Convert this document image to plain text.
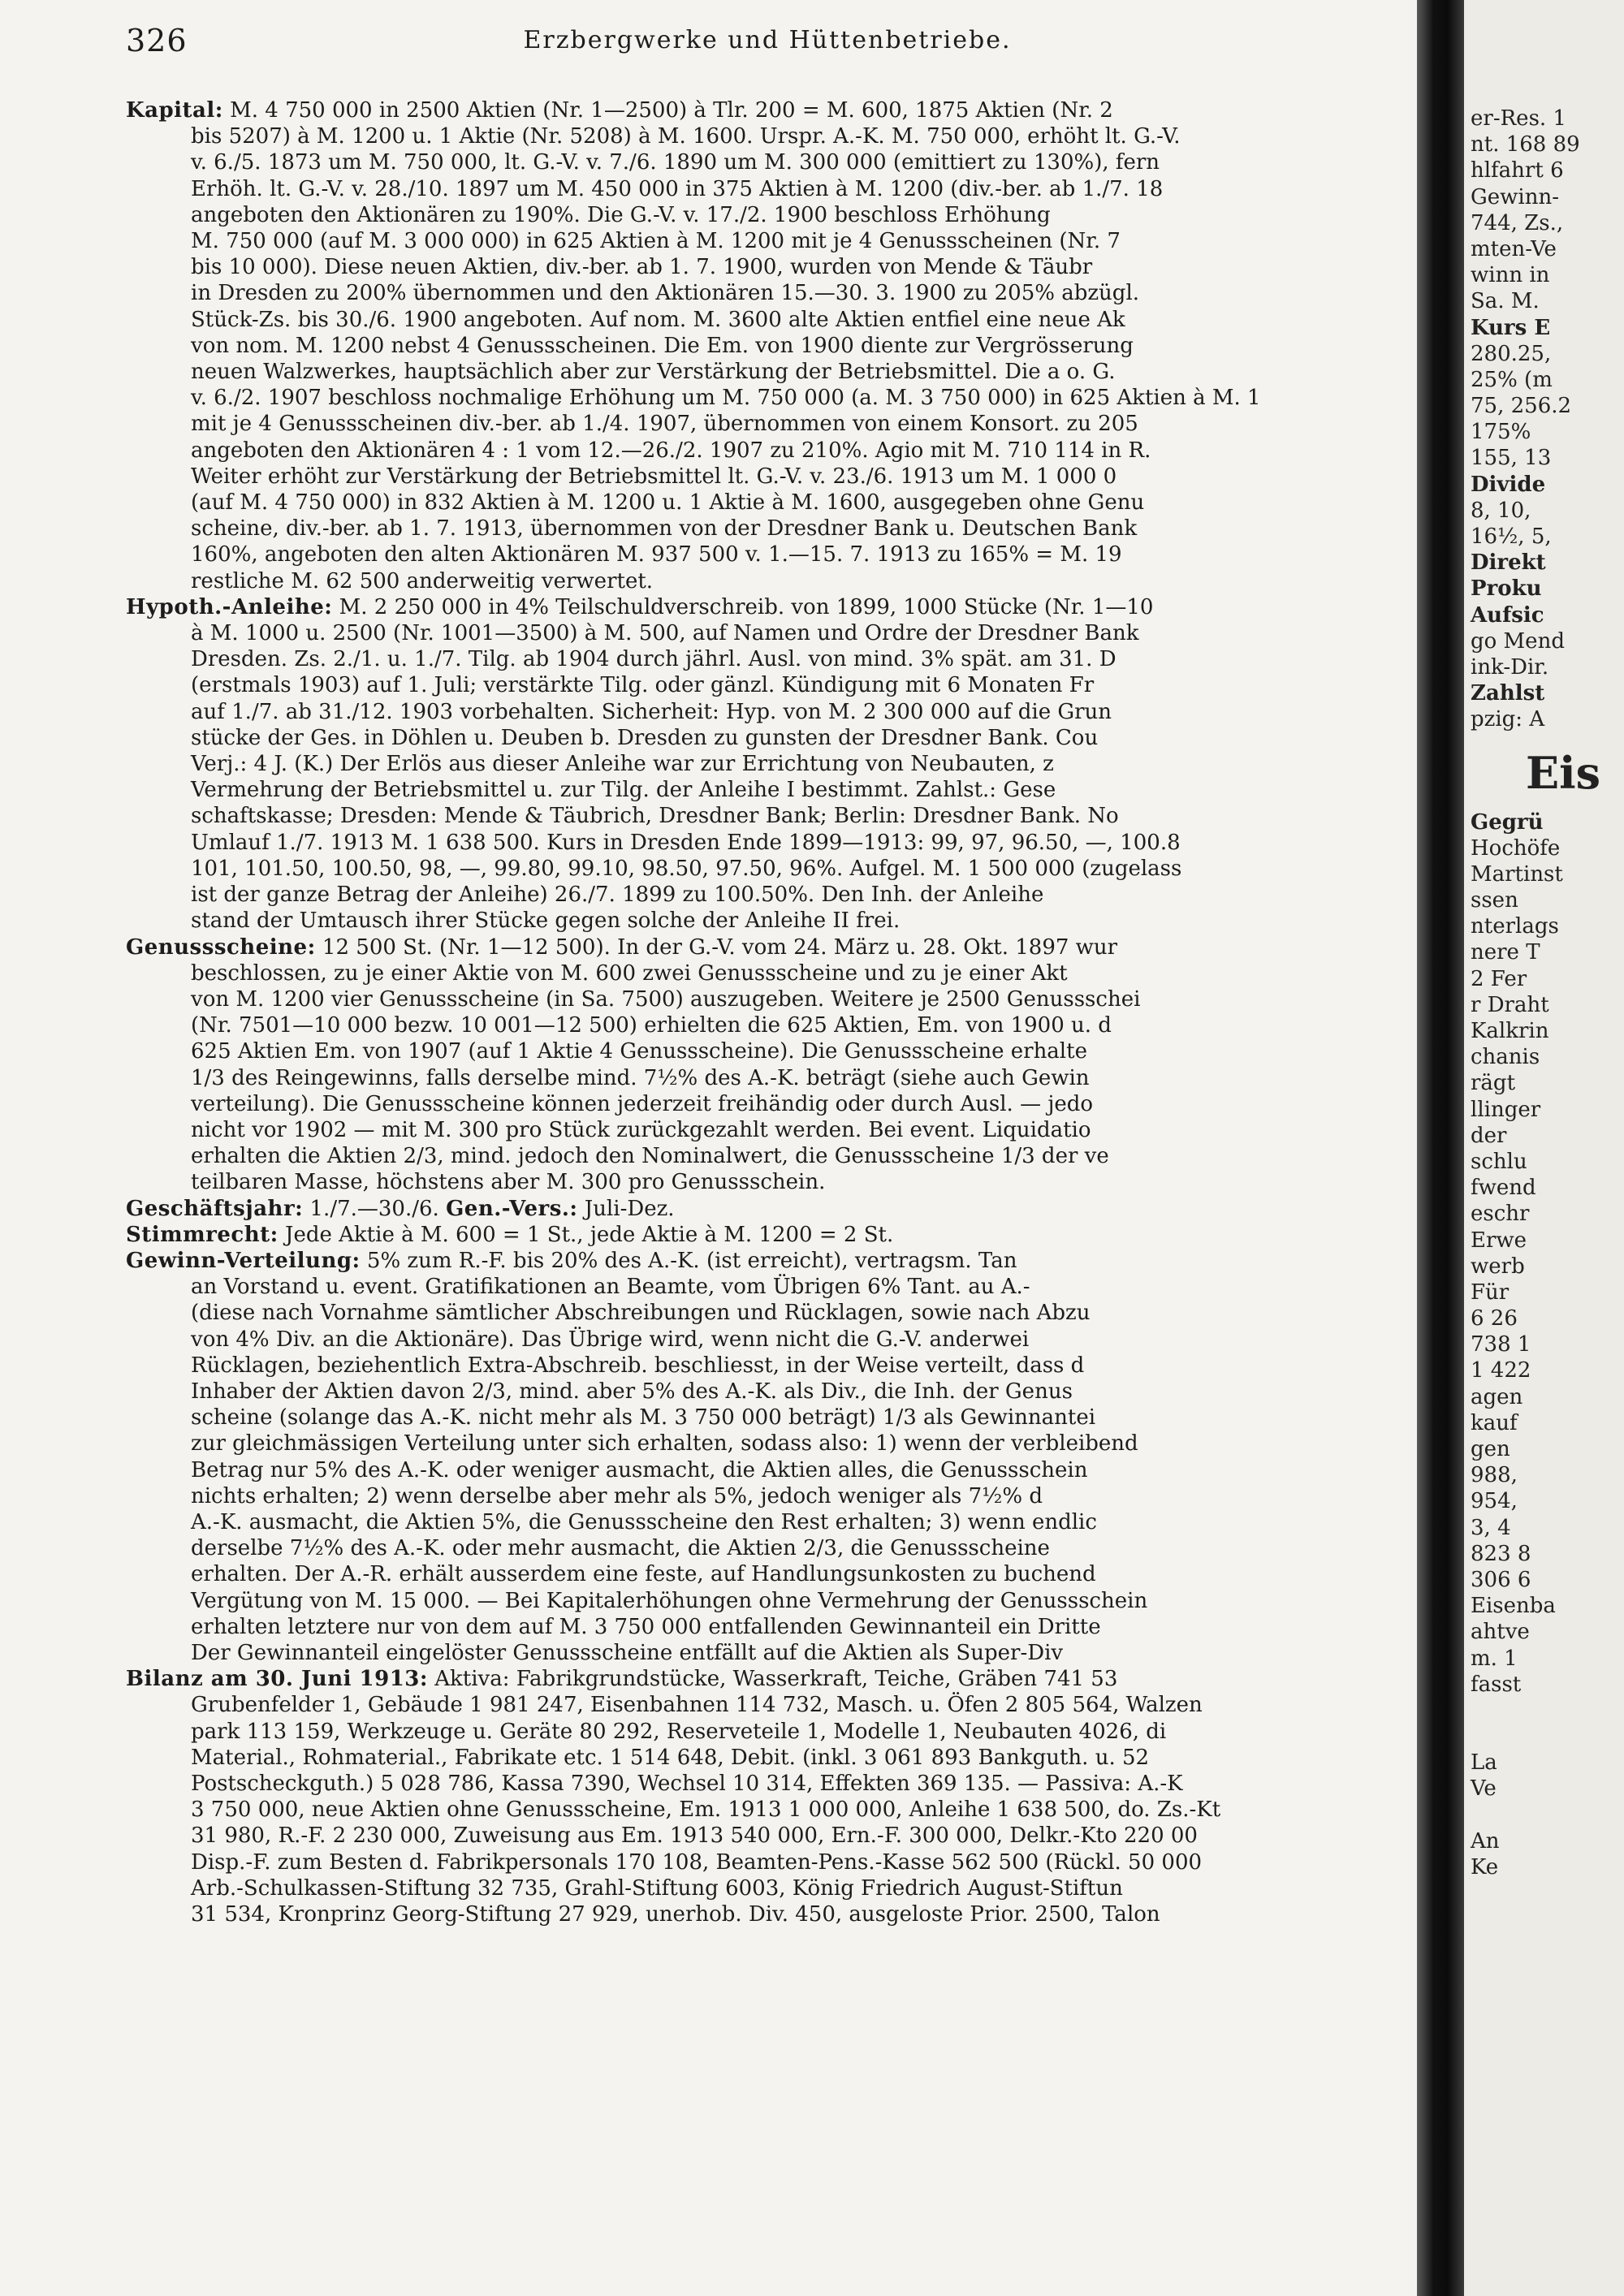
326	Erzbergwerke und Hüttenbetriebe.
Kapital: M. 4 750 000 in 2500 Aktien (Nr. 1—2500) à Tlr. 200 = M. 600, 1875 Aktien (Nr. 2
bis 5207) à M. 1200 u. 1 Aktie (Nr. 5208) à M. 1600. Urspr. A.-K. M. 750 000, erhöht lt. G.-V.
v. 6./5. 1873 um M. 750 000, lt. G.-V. v. 7./6. 1890 um M. 300 000 (emittiert zu 130%), fern
Erhöh. lt. G.-V. v. 28./10. 1897 um M. 450 000 in 375 Aktien à M. 1200 (div.-ber. ab 1./7. 18
angeboten den Aktionären zu 190%. Die G.-V. v. 17./2. 1900 beschloss Erhöhung
M. 750 000 (auf M. 3 000 000) in 625 Aktien à M. 1200 mit je 4 Genussscheinen (Nr. 7
bis 10 000). Diese neuen Aktien, div.-ber. ab 1. 7. 1900, wurden von Mende & Täubr
in Dresden zu 200% übernommen und den Aktionären 15.—30. 3. 1900 zu 205% abzügl.
Stück-Zs. bis 30./6. 1900 angeboten. Auf nom. M. 3600 alte Aktien entfiel eine neue Ak
von nom. M. 1200 nebst 4 Genussscheinen. Die Em. von 1900 diente zur Vergrösserung
neuen Walzwerkes, hauptsächlich aber zur Verstärkung der Betriebsmittel. Die a o. G.
v. 6./2. 1907 beschloss nochmalige Erhöhung um M. 750 000 (a. M. 3 750 000) in 625 Aktien à M. 1
mit je 4 Genussscheinen div.-ber. ab 1./4. 1907, übernommen von einem Konsort. zu 205
angeboten den Aktionären 4 : 1 vom 12.—26./2. 1907 zu 210%. Agio mit M. 710 114 in R.
Weiter erhöht zur Verstärkung der Betriebsmittel lt. G.-V. v. 23./6. 1913 um M. 1 000 0
(auf M. 4 750 000) in 832 Aktien à M. 1200 u. 1 Aktie à M. 1600, ausgegeben ohne Genu
scheine, div.-ber. ab 1. 7. 1913, übernommen von der Dresdner Bank u. Deutschen Bank
160%, angeboten den alten Aktionären M. 937 500 v. 1.—15. 7. 1913 zu 165% = M. 19
restliche M. 62 500 anderweitig verwertet.
Hypoth.-Anleihe: M. 2 250 000 in 4% Teilschuldverschreib. von 1899, 1000 Stücke (Nr. 1—10
à M. 1000 u. 2500 (Nr. 1001—3500) à M. 500, auf Namen und Ordre der Dresdner Bank
Dresden. Zs. 2./1. u. 1./7. Tilg. ab 1904 durch jährl. Ausl. von mind. 3% spät. am 31. D
(erstmals 1903) auf 1. Juli; verstärkte Tilg. oder gänzl. Kündigung mit 6 Monaten Fr
auf 1./7. ab 31./12. 1903 vorbehalten. Sicherheit: Hyp. von M. 2 300 000 auf die Grun
stücke der Ges. in Döhlen u. Deuben b. Dresden zu gunsten der Dresdner Bank. Cou
Verj.: 4 J. (K.) Der Erlös aus dieser Anleihe war zur Errichtung von Neubauten, z
Vermehrung der Betriebsmittel u. zur Tilg. der Anleihe I bestimmt. Zahlst.: Gese
schaftskasse; Dresden: Mende & Täubrich, Dresdner Bank; Berlin: Dresdner Bank. No
Umlauf 1./7. 1913 M. 1 638 500. Kurs in Dresden Ende 1899—1913: 99, 97, 96.50, —, 100.8
101, 101.50, 100.50, 98, —, 99.80, 99.10, 98.50, 97.50, 96%. Aufgel. M. 1 500 000 (zugelass
ist der ganze Betrag der Anleihe) 26./7. 1899 zu 100.50%. Den Inh. der Anleihe
stand der Umtausch ihrer Stücke gegen solche der Anleihe II frei.
Genussscheine: 12 500 St. (Nr. 1—12 500). In der G.-V. vom 24. März u. 28. Okt. 1897 wur
beschlossen, zu je einer Aktie von M. 600 zwei Genussscheine und zu je einer Akt
von M. 1200 vier Genussscheine (in Sa. 7500) auszugeben. Weitere je 2500 Genussschei
(Nr. 7501—10 000 bezw. 10 001—12 500) erhielten die 625 Aktien, Em. von 1900 u. d
625 Aktien Em. von 1907 (auf 1 Aktie 4 Genussscheine). Die Genussscheine erhalte
1/3 des Reingewinns, falls derselbe mind. 7½% des A.-K. beträgt (siehe auch Gewin
verteilung). Die Genussscheine können jederzeit freihändig oder durch Ausl. — jedo
nicht vor 1902 — mit M. 300 pro Stück zurückgezahlt werden. Bei event. Liquidatio
erhalten die Aktien 2/3, mind. jedoch den Nominalwert, die Genussscheine 1/3 der ve
teilbaren Masse, höchstens aber M. 300 pro Genussschein.
Geschäftsjahr: 1./7.—30./6. Gen.-Vers.: Juli-Dez.
Stimmrecht: Jede Aktie à M. 600 = 1 St., jede Aktie à M. 1200 = 2 St.
Gewinn-Verteilung: 5% zum R.-F. bis 20% des A.-K. (ist erreicht), vertragsm. Tan
an Vorstand u. event. Gratifikationen an Beamte, vom Übrigen 6% Tant. au A.-
(diese nach Vornahme sämtlicher Abschreibungen und Rücklagen, sowie nach Abzu
von 4% Div. an die Aktionäre). Das Übrige wird, wenn nicht die G.-V. anderwei
Rücklagen, beziehentlich Extra-Abschreib. beschliesst, in der Weise verteilt, dass d
Inhaber der Aktien davon 2/3, mind. aber 5% des A.-K. als Div., die Inh. der Genus
scheine (solange das A.-K. nicht mehr als M. 3 750 000 beträgt) 1/3 als Gewinnantei
zur gleichmässigen Verteilung unter sich erhalten, sodass also: 1) wenn der verbleibend
Betrag nur 5% des A.-K. oder weniger ausmacht, die Aktien alles, die Genussschein
nichts erhalten; 2) wenn derselbe aber mehr als 5%, jedoch weniger als 7½% d
A.-K. ausmacht, die Aktien 5%, die Genussscheine den Rest erhalten; 3) wenn endlic
derselbe 7½% des A.-K. oder mehr ausmacht, die Aktien 2/3, die Genussscheine
erhalten. Der A.-R. erhält ausserdem eine feste, auf Handlungsunkosten zu buchend
Vergütung von M. 15 000. — Bei Kapitalerhöhungen ohne Vermehrung der Genussschein
erhalten letztere nur von dem auf M. 3 750 000 entfallenden Gewinnanteil ein Dritte
Der Gewinnanteil eingelöster Genussscheine entfällt auf die Aktien als Super-Div
Bilanz am 30. Juni 1913: Aktiva: Fabrikgrundstücke, Wasserkraft, Teiche, Gräben 741 53
Grubenfelder 1, Gebäude 1 981 247, Eisenbahnen 114 732, Masch. u. Öfen 2 805 564, Walzen
park 113 159, Werkzeuge u. Geräte 80 292, Reserveteile 1, Modelle 1, Neubauten 4026, di
Material., Rohmaterial., Fabrikate etc. 1 514 648, Debit. (inkl. 3 061 893 Bankguth. u. 52
Postscheckguth.) 5 028 786, Kassa 7390, Wechsel 10 314, Effekten 369 135. — Passiva: A.-K
3 750 000, neue Aktien ohne Genussscheine, Em. 1913 1 000 000, Anleihe 1 638 500, do. Zs.-Kt
31 980, R.-F. 2 230 000, Zuweisung aus Em. 1913 540 000, Ern.-F. 300 000, Delkr.-Kto 220 00
Disp.-F. zum Besten d. Fabrikpersonals 170 108, Beamten-Pens.-Kasse 562 500 (Rückl. 50 000
Arb.-Schulkassen-Stiftung 32 735, Grahl-Stiftung 6003, König Friedrich August-Stiftun
31 534, Kronprinz Georg-Stiftung 27 929, unerhob. Div. 450, ausgeloste Prior. 2500, Talon
er-Res. 1
nt. 168 89
hlfahrt 6
Gewinn-
744, Zs.,
mten-Ve
winn in
Sa. M.
Kurs E
280.25,
25% (m
75, 256.2
175%
155, 13
Divide
8, 10,
16½, 5,
Direkt
Proku
Aufsic
go Mend
ink-Dir.
Zahlst
pzig: A
Eis
Gegrü
Hochöfe
Martinst
ssen
nterlags
nere T
2 Fer
r Draht
Kalkrin
chanis
rägt
llinger
der
schlu
fwend
eschr
Erwe
werb
Für
6 26
738 1
1 422
agen
kauf
gen
988,
954,
3, 4
823 8
306 6
Eisenba
ahtve
m. 1
fasst
La
Ve
An
Ke
